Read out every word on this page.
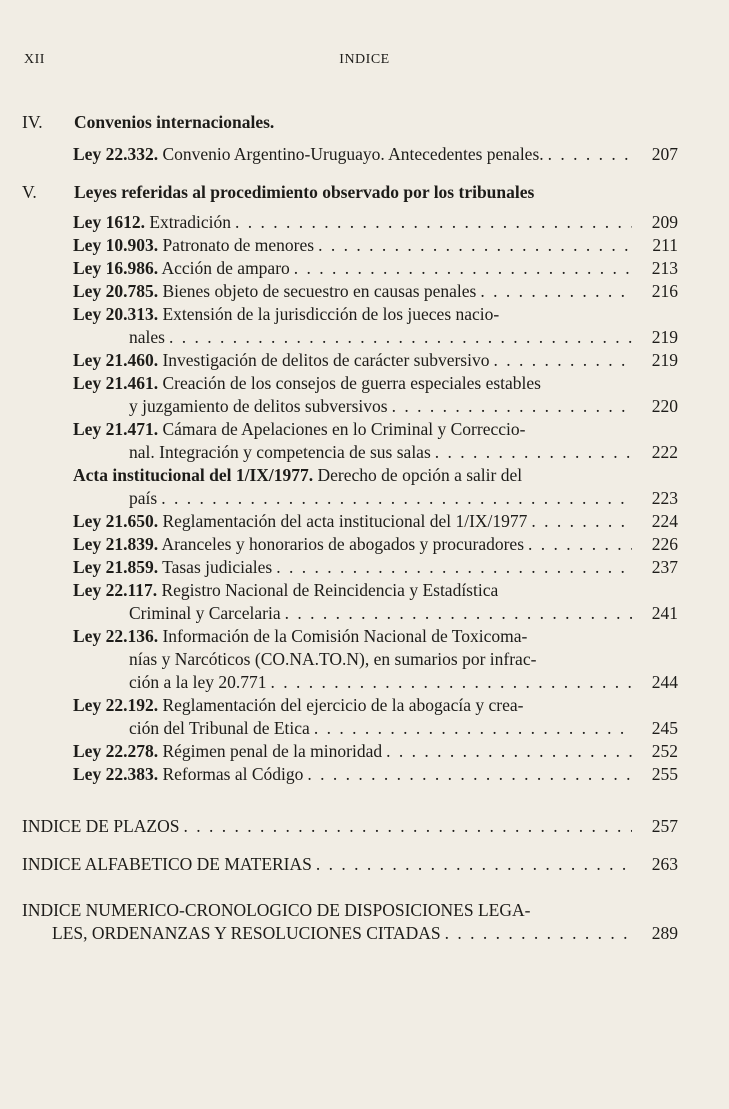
XII	INDICE
IV. Convenios internacionales.
V. Leyes referidas al procedimiento observado por los tribunales
Ley 22.332. Convenio Argentino-Uruguayo. Antecedentes penales. . . .	207
Ley 1612. Extradición . . .	209
Ley 10.903. Patronato de menores . . .	211
Ley 16.986. Acción de amparo . . .	213
Ley 20.785. Bienes objeto de secuestro en causas penales . . .	216
Ley 20.313. Extensión de la jurisdicción de los jueces nacio-
nales . . .	219
Ley 21.460. Investigación de delitos de carácter subversivo . . .	219
Ley 21.461. Creación de los consejos de guerra especiales estables
y juzgamiento de delitos subversivos . . .	220
Ley 21.471. Cámara de Apelaciones en lo Criminal y Correccio-
nal. Integración y competencia de sus salas . . .	222
Acta institucional del 1/IX/1977. Derecho de opción a salir del
país . . .	223
Ley 21.650. Reglamentación del acta institucional del 1/IX/1977 . . .	224
Ley 21.839. Aranceles y honorarios de abogados y procuradores . . .	226
Ley 21.859. Tasas judiciales . . .	237
Ley 22.117. Registro Nacional de Reincidencia y Estadística
Criminal y Carcelaria . . .	241
Ley 22.136. Información de la Comisión Nacional de Toxicoma-
nías y Narcóticos (CO.NA.TO.N), en sumarios por infrac-
ción a la ley 20.771 . . .	244
Ley 22.192. Reglamentación del ejercicio de la abogacía y crea-
ción del Tribunal de Etica . . .	245
Ley 22.278. Régimen penal de la minoridad . . .	252
Ley 22.383. Reformas al Código . . .	255
INDICE DE PLAZOS . . .	257
INDICE ALFABETICO DE MATERIAS . . .	263
INDICE NUMERICO-CRONOLOGICO DE DISPOSICIONES LEGA-
LES, ORDENANZAS Y RESOLUCIONES CITADAS . . .	289
